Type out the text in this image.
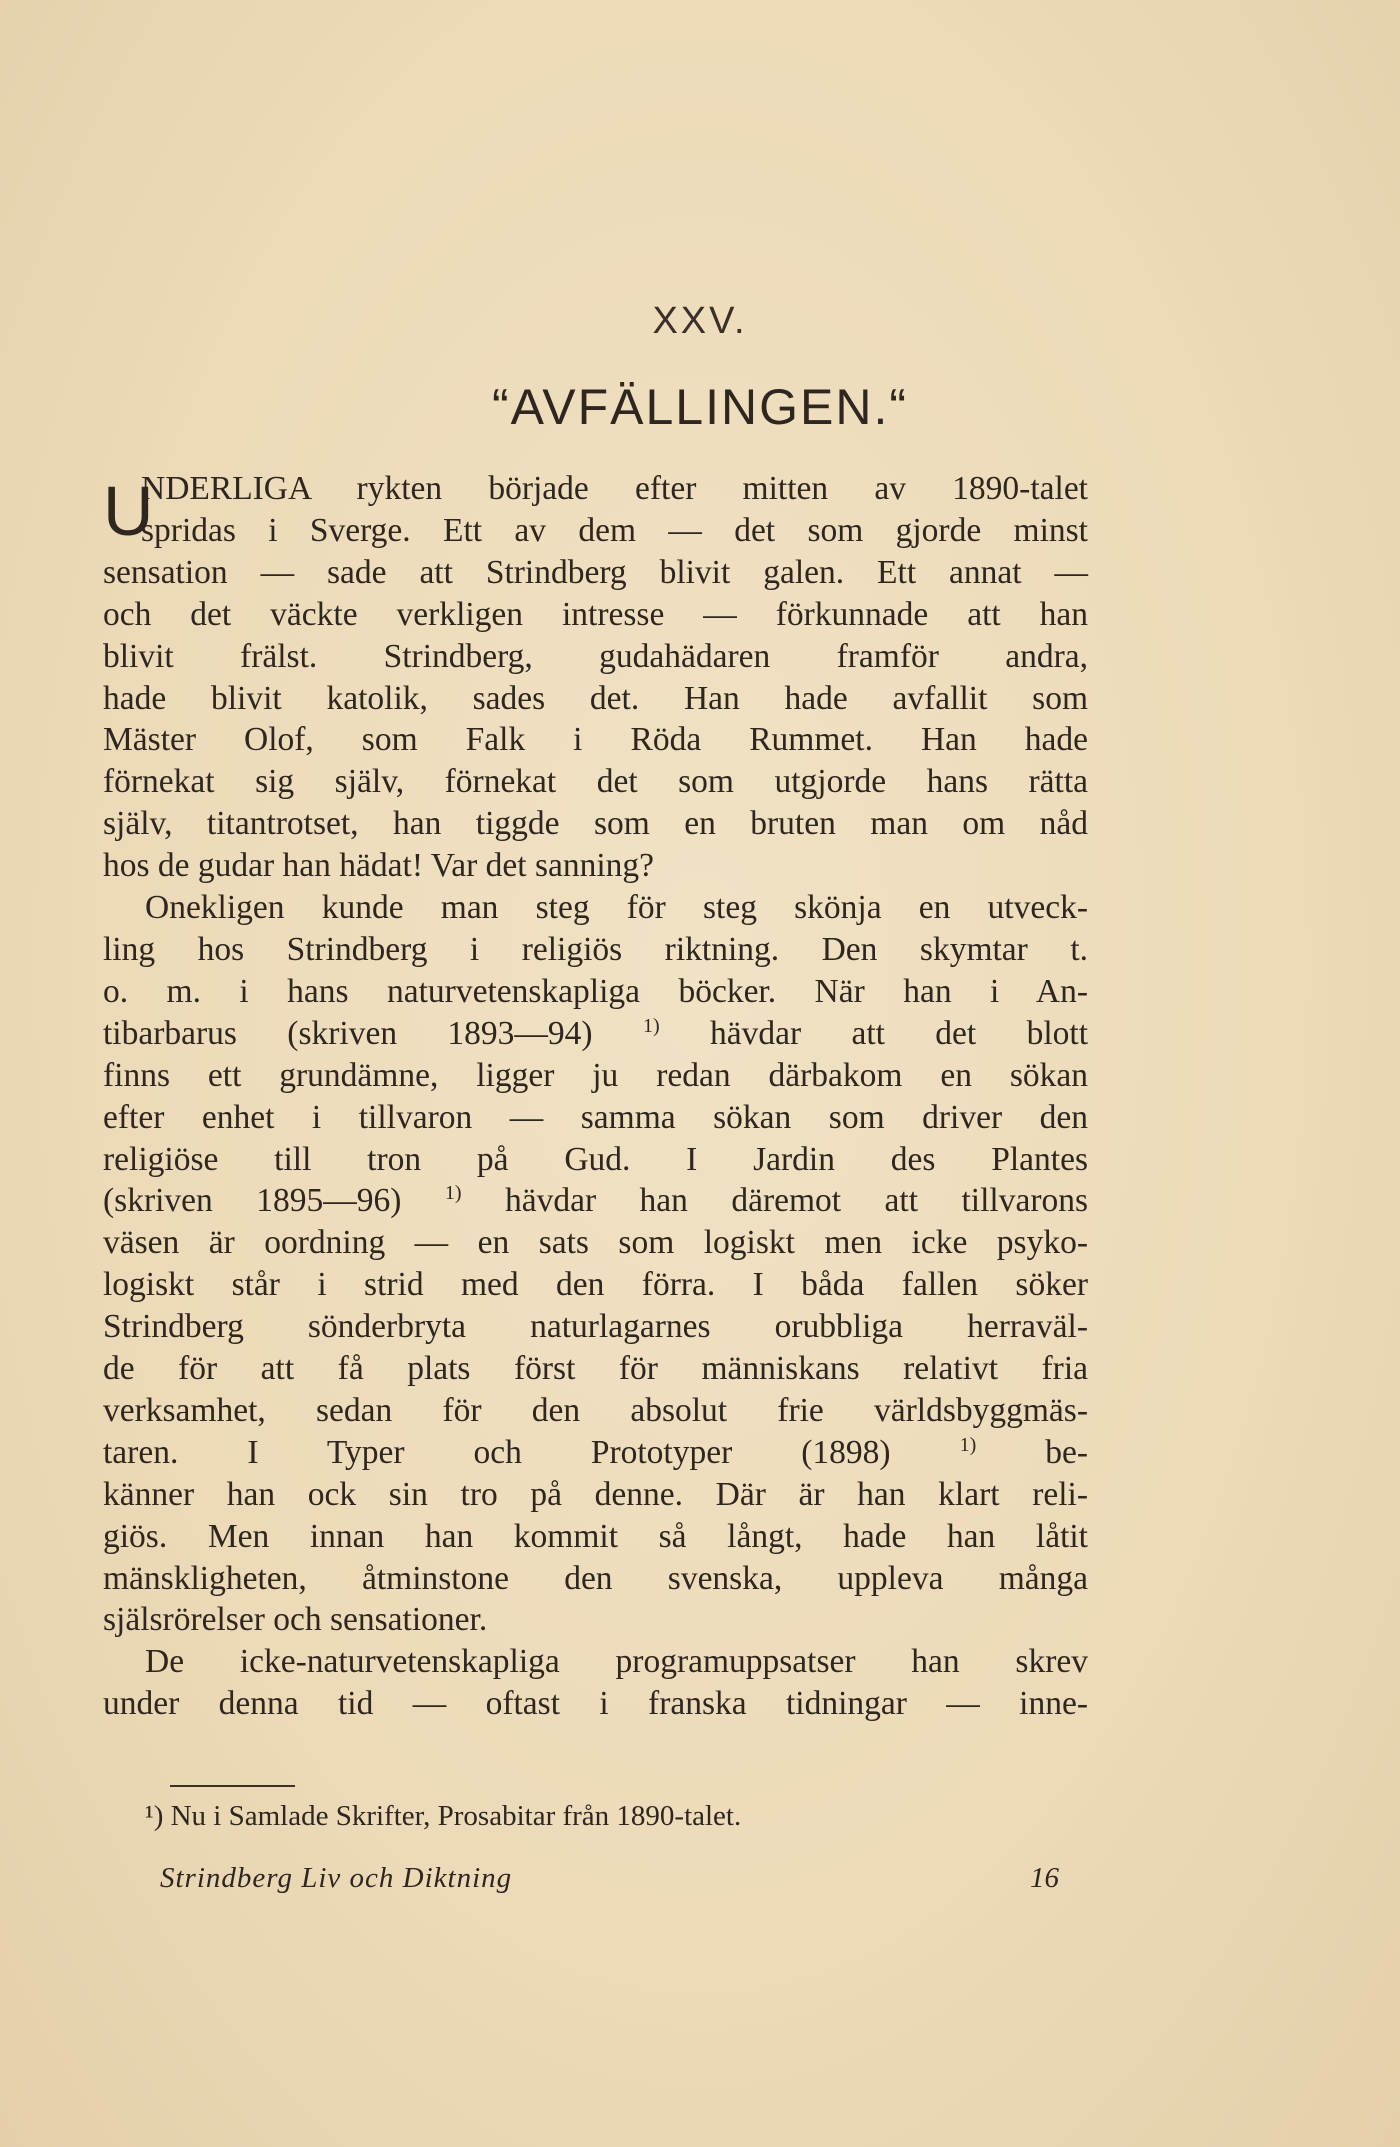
XXV.
“AVFÄLLINGEN.“
U
NDERLIGA rykten började efter mitten av 1890-talet
spridas i Sverge. Ett av dem — det som gjorde minst
sensation — sade att Strindberg blivit galen. Ett annat —
och det väckte verkligen intresse — förkunnade att han
blivit frälst. Strindberg, gudahädaren framför andra,
hade blivit katolik, sades det. Han hade avfallit som
Mäster Olof, som Falk i Röda Rummet. Han hade
förnekat sig själv, förnekat det som utgjorde hans rätta
själv, titantrotset, han tiggde som en bruten man om nåd
hos de gudar han hädat! Var det sanning?
Onekligen kunde man steg för steg skönja en utveck-
ling hos Strindberg i religiös riktning. Den skymtar t.
o. m. i hans naturvetenskapliga böcker. När han i An-
tibarbarus (skriven 1893—94)	$^{1)}$ hävdar att det blott
finns ett grundämne, ligger ju redan därbakom en sökan
efter enhet i tillvaron — samma sökan som driver den
religiöse till tron på Gud. I Jardin des Plantes
(skriven 1895—96) $^{1)}$ hävdar han däremot att tillvarons
väsen är oordning — en sats som logiskt men icke psyko-
logiskt står i strid med den förra. I båda fallen söker
Strindberg sönderbryta naturlagarnes orubbliga herraväl-
de för att få plats först för människans relativt fria
verksamhet, sedan för den absolut frie världsbyggmäs-
taren. I Typer och Prototyper (1898)	$^{1)}$ be-
känner han ock sin tro på denne. Där är han klart reli-
giös. Men innan han kommit så långt, hade han låtit
mänskligheten, åtminstone den svenska, uppleva många
själsrörelser och sensationer.
De icke-naturvetenskapliga programuppsatser han skrev
under denna tid — oftast i franska tidningar — inne-
¹) Nu i Samlade Skrifter, Prosabitar från 1890-talet.
Strindberg Liv och Diktning	16
